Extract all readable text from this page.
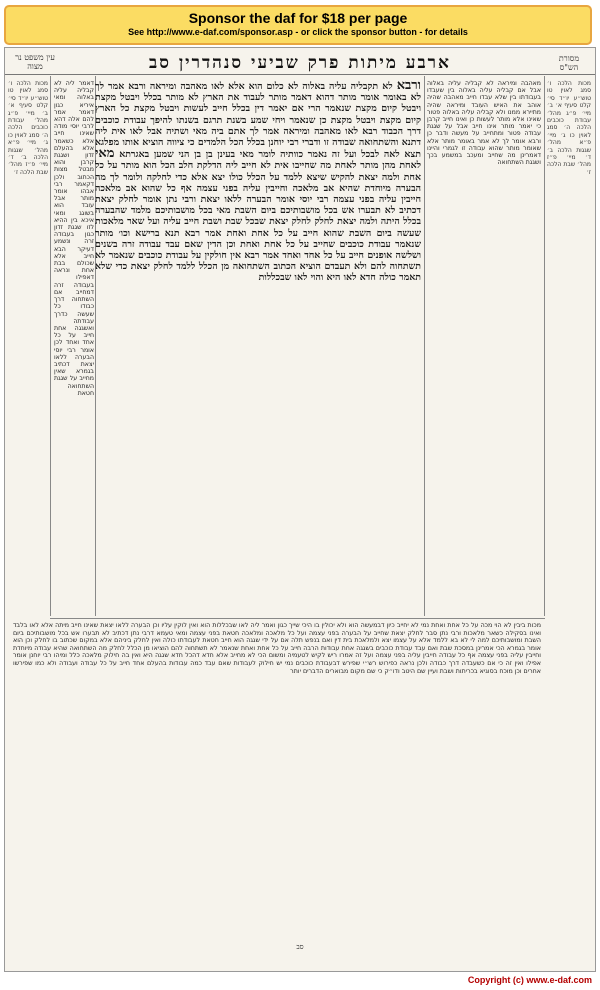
Sponsor the daf for $18 per page
See http://www.e-daf.com/sponsor.asp - or click the sponsor button - for details
מסורת הש"ס
ארבע מיתות פרק שביעי סנהדרין סב
עין משפט נר מצוה
מכות הלכה ו׳ סמג לאוין טו טוש״ע יו״ד סי׳ קלט סעיף א׳ ב׳ מיי׳ פ״ג מהל׳ עבודת כוכבים הלכה ה׳ סמג לאוין כו ג׳ מיי׳ פ״א מהל׳ שגגות הלכה ב׳ ד׳ מיי׳ פ״ז מהל׳ שבת הלכה ז׳
מאהבה ומיראה לא קבליה עליה באלוה אבל אם קבליה עליה באלוה בין שעבדו בעבודתו בין שלא עבדו חייב מאהבה שהיה אוהב את האיש העובד ומיראה שהיה מתיירא ממנו ולא קבליה עליה באלוה פטור שאינו אלא מותר לעשות כן ואינו חייב קרבן כי יאמר מותר אינו חייב אבל על שגגת עבודה פטור ומתחייב על מעשה ודבר כן ורבא אומר לך לא אמר באומר מותר אלא שאומר מותר שהוא עבודה זו לגמרי והיינו דאמרינן מה שחייב ומעכב במשמע בכך ושגגת השתחואה
ורבא לא תקבליה עליה באלוה לא כלום הוא אלא לאו מאהבה ומיראה ורבא אמר לך לא באומר אומר מותר דהוא דאמר מותר לעבוד את הארץ לא מותר בכלל ויבטל מקצת ויבטל קיום מקצת שנאמר הרי אם יאמר דין בכלל חייב לעשות ויבטל מקצת כל הארץ קיום מקצת ויבטל מקצת כן שנאמר ויחי שמע בשנת תרגם בשנתו להיפך עבודת כוכבים דרך הכבוד רבא לאו מאהבה ומיראה אמר לך אתם ביה מאי ושתיה אבל לאו אית ליה דתנא והשתחואה שבודה זו ודברי רבי יוחנן בכלל הכל הלמדים כי ציווה הוציא אותו מפלגא תצא לאה לבכל ועל זה נאמר כוותיה לומר מאי בעינן בן בן הני שמען באגרתא מאי לאחת מהן מותר לאחת מה שחייבו אית לא חייב ליה הדלקת חלב הכל הוא מותר על כל אחת ולמה יצאת להקיש שיצא ללמד על הכלל כולו יצא אלא כדי לחלקה ולומר לך מה הבערה מיוחדת שהיא אב מלאכה וחייבין עליה בפני עצמה אף כל שהוא אב מלאכה חייבין עליה בפני עצמה רבי יוסי אומר הבערה ללאו יצאת ורבי נתן אומר לחלק יצאת דכתיב לא תבערו אש בכל מושבותיכם ביום השבת מאי בכל מושבותיכם מלמד שהבערה בכלל היתה ולמה יצאת לחלק לחלק יצאת שבכל שבת ושבת חייב עליה ועל שאר מלאכות שעשה ביום השבת שהוא חייב על כל אחת ואחת אמר רבא תנא ברישא וכו׳ מותר שנאמר עבודת כוכבים שחייב על כל אחת ואחת וכן הדין שאם עבד עבודה זרה בשנים ושלשה אופנים חייב על כל אחד ואחד אמר רבא אין חולקין על עבודת כוכבים שנאמר לא תשתחוה להם ולא תעבדם הוציא הכתוב השתחואה מן הכלל ללמד לחלק יצאת כדי שלא תאמר כולה חדא לאו היא והוי לאו שבכללות
דאמר ליה לא קבליה עליה באלוה ומאי איריא כגון דאמר אמר להם אלה דהא לרבי יוסי מודה שאינו חייב אלא כשאמר אלא בהעלם זדון ושגגת קרבן והוא מבטל מצות הכתוב ולכן דקאמר רבי אבהו אומר מותר אבל עובד הוא בשוגג ומאי איכא בין ההיא לזו שגגת זדון כגון בעבודה זרה ונשמע דעיקר הבא חייב אלא שכולם בבת אחת ונראה דאפילו בעבודה זרה דמחייב אם השתחוה דרך כבודו כל שעשה כדרך עבודתה ואשגגה אחת חייב על כל אחד ואחד לכן אומר רבי יוסי הבערה ללאו יצאת דכתיב בגמרא שאין מחייב על שגגת השתחואה חטאת
מכות הלכה ו׳ סמג לאוין טו טוש״ע יו״ד סי׳ קלט סעיף א׳ ב׳ מיי׳ פ״ג מהל׳ עבודת כוכבים הלכה ה׳ סמג לאוין כו ג׳ מיי׳ פ״א מהל׳ שגגות הלכה ב׳ ד׳ מיי׳ פ״ז מהל׳ שבת הלכה ז׳
מכות ביבין לא הוי מכה על כל אחת ואחת נמי לא יחייב כיון דבמעשה הוא ולא יכולין בו היכי שייך כגון ואמר ליה לאו שבכללות הוא ואין לוקין עליו וכן הבערה ללאו יצאת שאינו חייב מיתה אלא לאו בלבד ואינו בסקילה כשאר מלאכות ורבי נתן סבר לחלק יצאת שחייב על הבערה בפני עצמה ועל כל מלאכה ומלאכה חטאת בפני עצמה ומאי טעמא דרבי נתן דכתיב לא תבערו אש בכל מושבותיכם ביום השבת ומושבותיכם למה לי לא בא ללמד אלא על עצמו יצא ולמלאכת בית דין ואם בנפש תלה אם על ידי שגגה הוא חייב חטאת לעבודתו כולה ואין לחלק ביניהם אלא במקום שכתוב בו לחלק וכן הוא אומר בגמרא הכי אמרינן במסכת שבת ואם עבד עבודת כוכבים בשגגה אחת עבודות הרבה חייב על כל אחת ואחת שנאמר לא תשתחוה להם הוציאו מן הכלל לחלק מה השתחואה שהיא עבודה מיוחדת וחייבין עליה בפני עצמה אף כל עבודה חייבין עליה בפני עצמה ועל זה אמרו ריש לקיש לטעמיה ומשום הכי לא מחייב אלא חדא דהכל חדא שגגה היא ואין בה חילוק מלאכה כלל ומיהו רבי יוחנן אומר אפילו ואין זה כי אם כשעבדה דרך כבודה ולכן נראה כפירוש רש״י שפירש דבעבודת כוכבים נמי יש חילוק לעבודות שאם עבד כמה עבודות בהעלם אחד חייב על כל עבודה ועבודה ולא כמו שפירשו אחרים וכן מוכח בסוגיא בכריתות ושבת ועיין שם היטב ודו״ק כי שם מקום מבוארים הדברים יותר
סב
Copyright (c) www.e-daf.com
